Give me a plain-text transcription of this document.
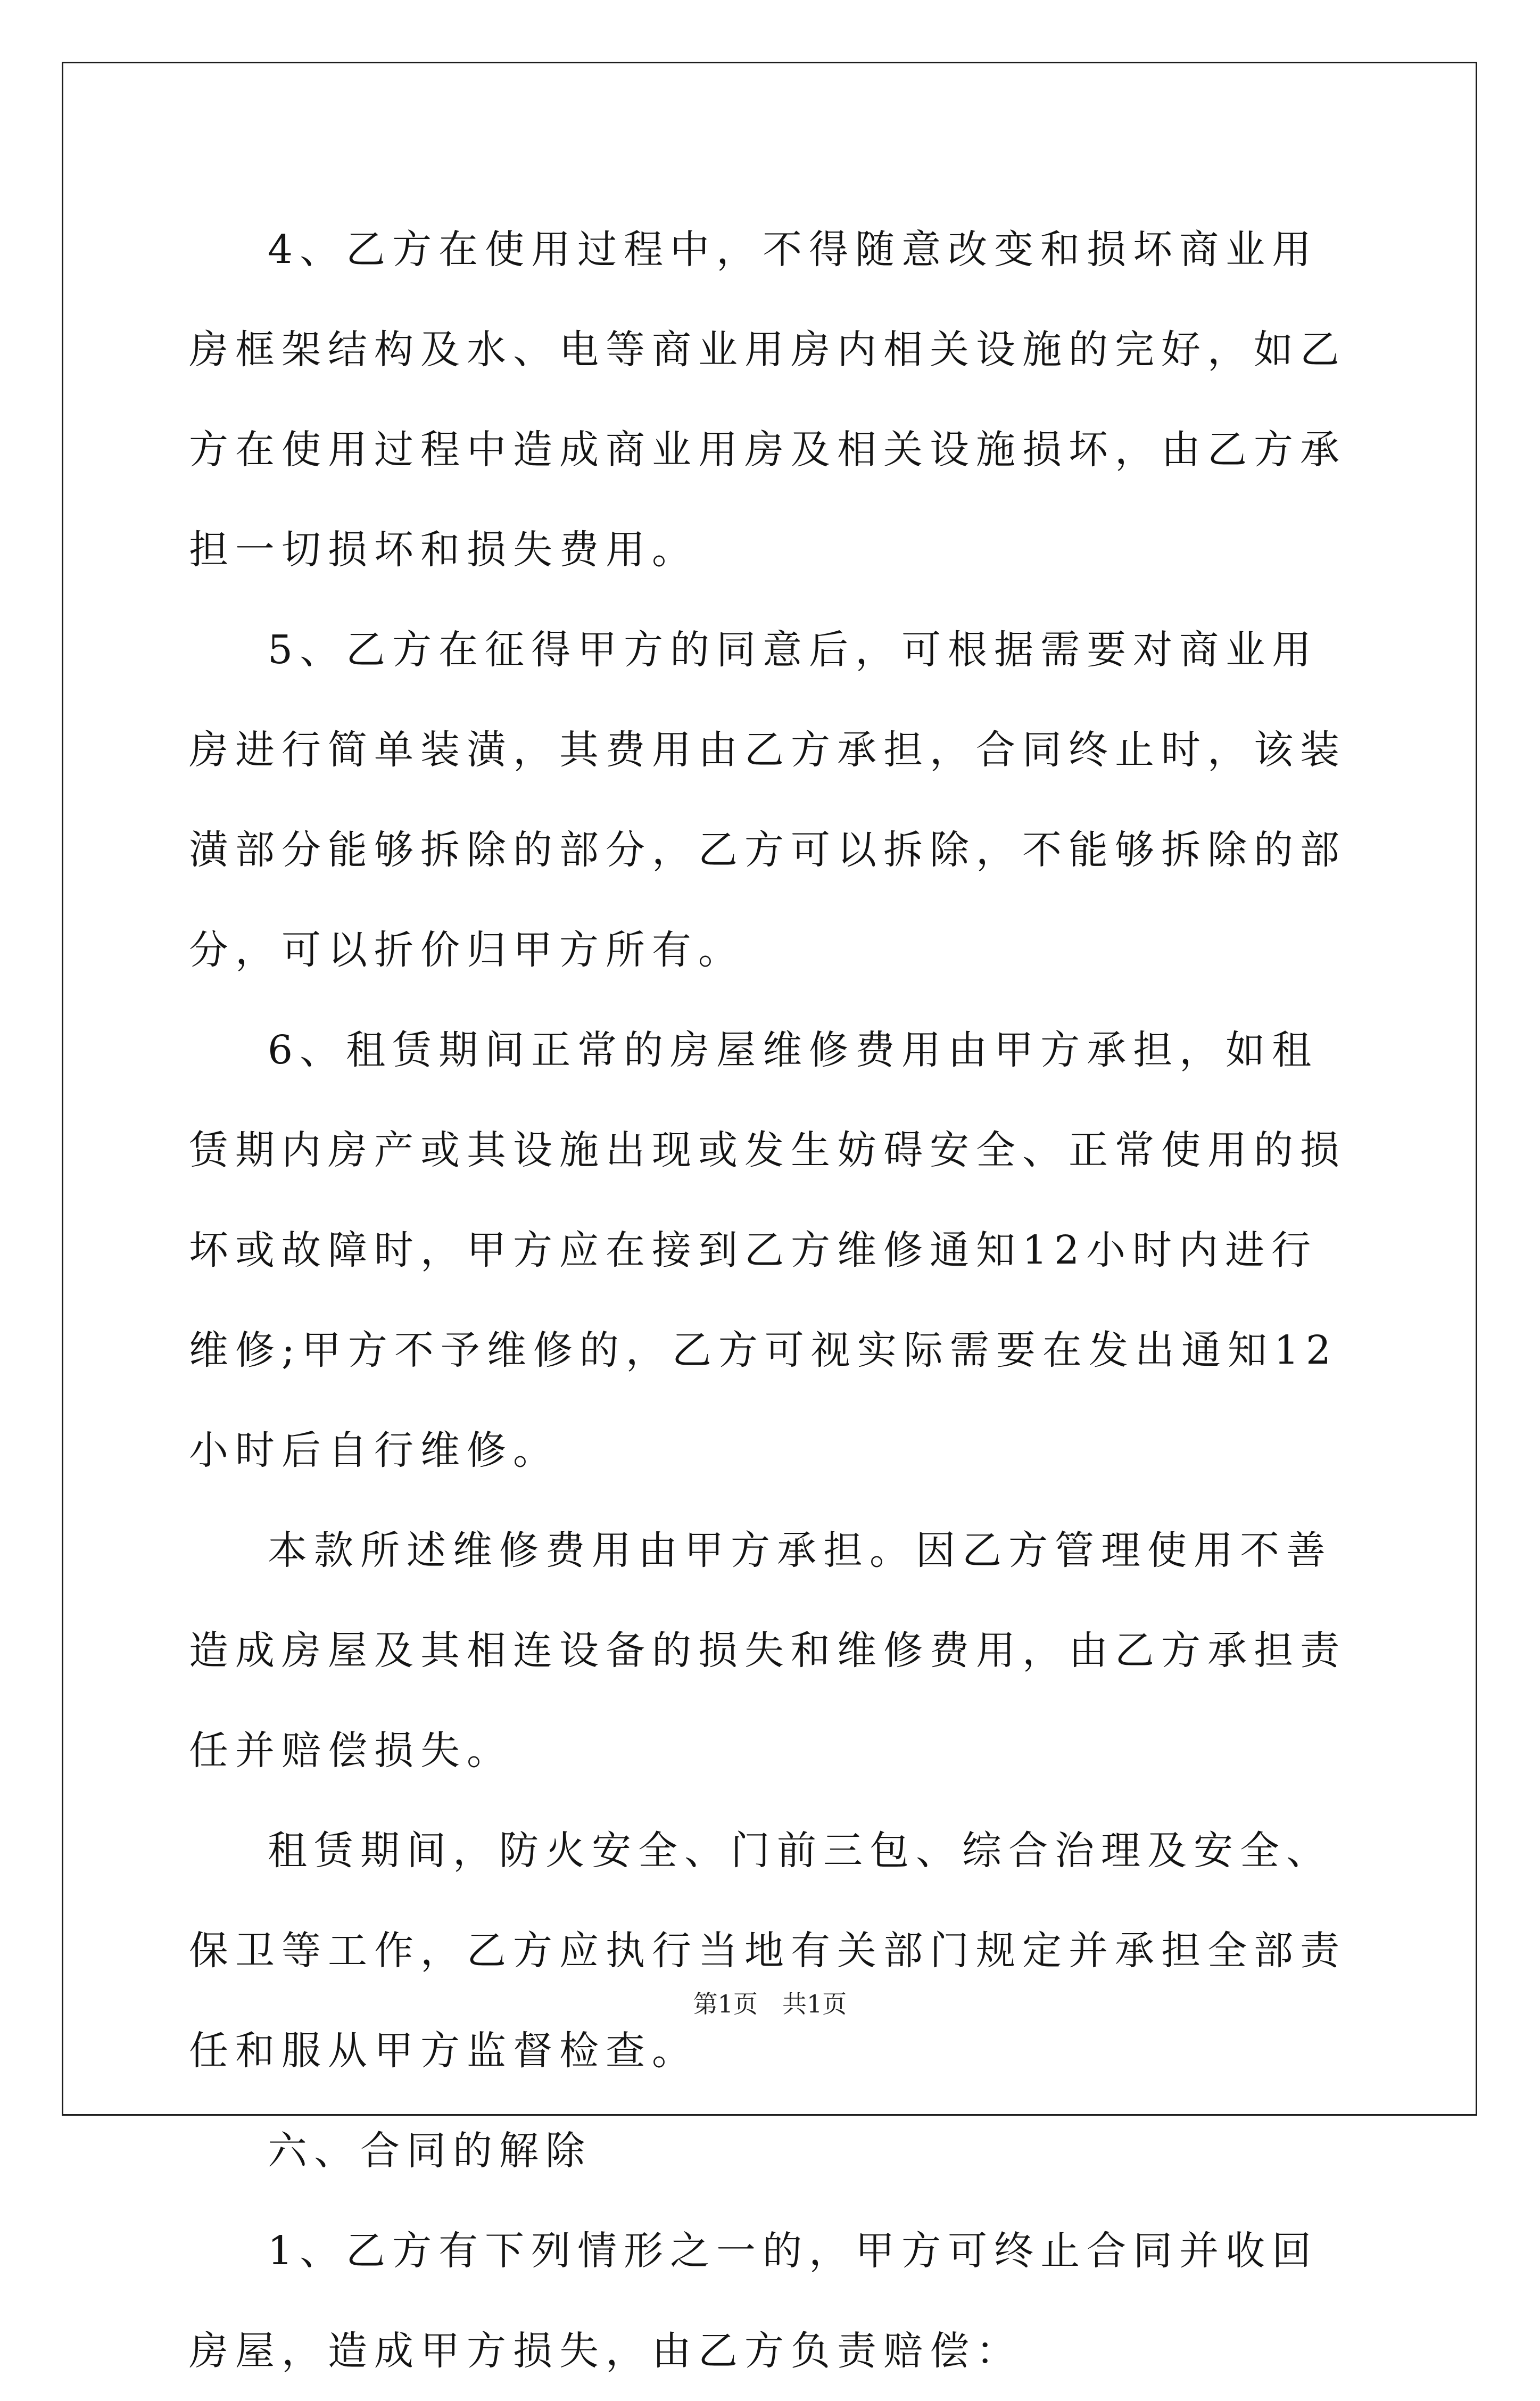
4、乙方在使用过程中，不得随意改变和损坏商业用房框架结构及水、电等商业用房内相关设施的完好，如乙方在使用过程中造成商业用房及相关设施损坏，由乙方承担一切损坏和损失费用。

5、乙方在征得甲方的同意后，可根据需要对商业用房进行简单装潢，其费用由乙方承担，合同终止时，该装潢部分能够拆除的部分，乙方可以拆除，不能够拆除的部分，可以折价归甲方所有。

6、租赁期间正常的房屋维修费用由甲方承担，如租赁期内房产或其设施出现或发生妨碍安全、正常使用的损坏或故障时，甲方应在接到乙方维修通知12小时内进行维修;甲方不予维修的，乙方可视实际需要在发出通知12小时后自行维修。

本款所述维修费用由甲方承担。因乙方管理使用不善造成房屋及其相连设备的损失和维修费用，由乙方承担责任并赔偿损失。

租赁期间，防火安全、门前三包、综合治理及安全、保卫等工作，乙方应执行当地有关部门规定并承担全部责任和服从甲方监督检查。

六、合同的解除

1、乙方有下列情形之一的，甲方可终止合同并收回房屋，造成甲方损失，由乙方负责赔偿：

第1页　共1页
